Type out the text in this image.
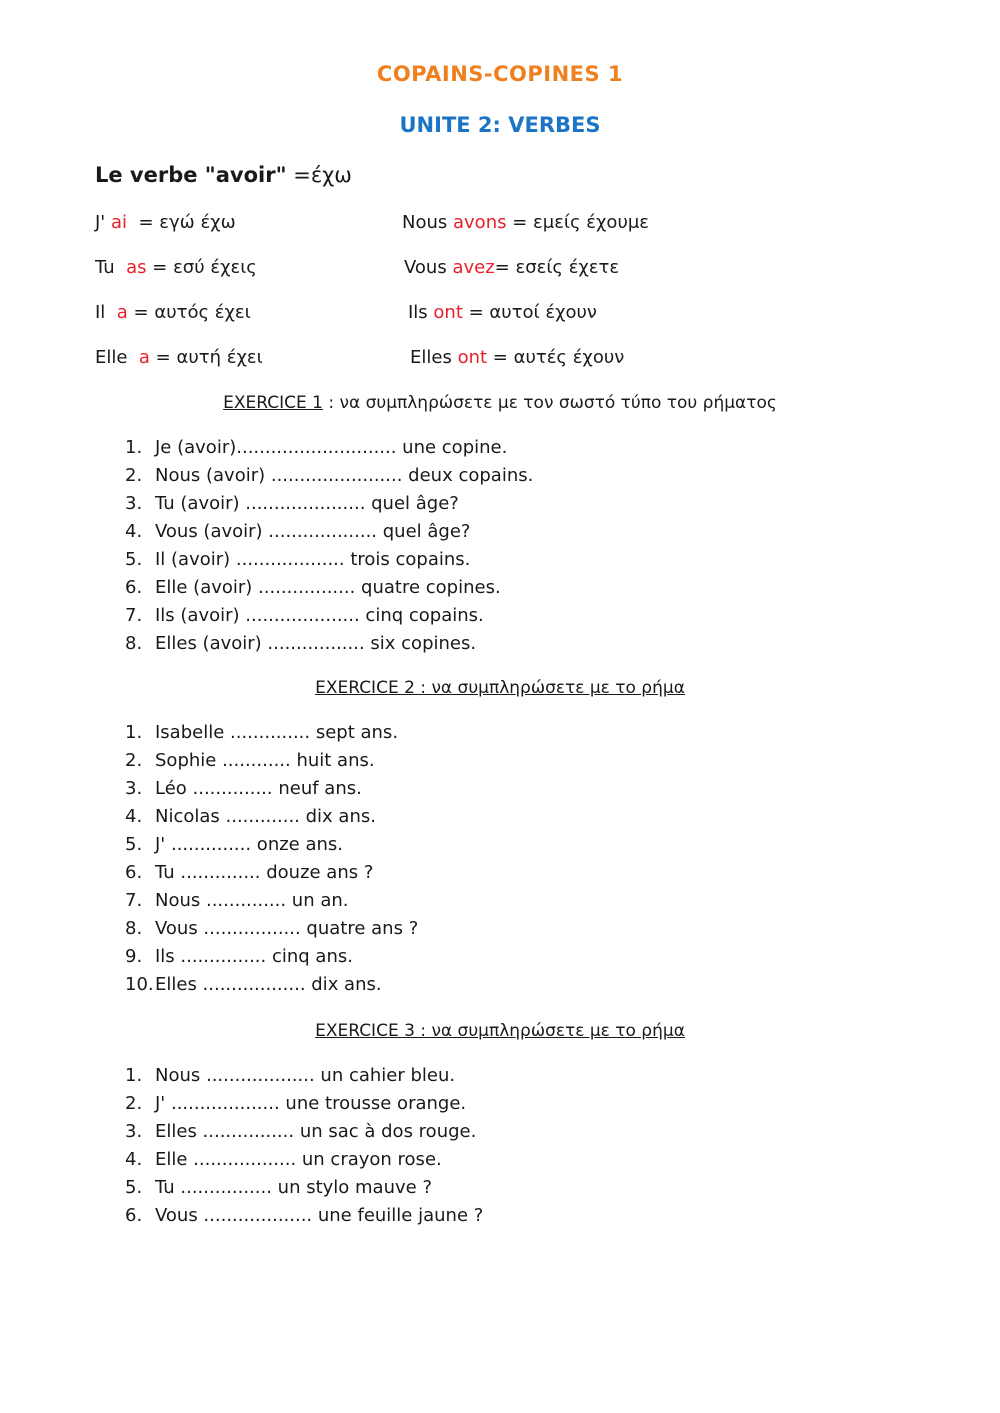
COPAINS-COPINES 1
UNITE 2: VERBES
Le verbe "avoir" =έχω
J' ai  = εγώ έχω	Nous avons = εμείς έχουμε
Tu  as = εσύ έχεις	Vous avez= εσείς έχετε
Il  a = αυτός έχει	Ils ont = αυτοί έχουν
Elle  a = αυτή έχει	Elles ont = αυτές έχουν
EXERCICE 1 : να συμπληρώσετε με τον σωστό τύπο του ρήματος
1. Je (avoir)............................ une copine.
2. Nous (avoir) ....................... deux copains.
3. Tu (avoir) ..................... quel âge?
4. Vous (avoir) ................... quel âge?
5. Il (avoir) ................... trois copains.
6. Elle (avoir) ................. quatre copines.
7. Ils (avoir) .................... cinq copains.
8. Elles (avoir) ................. six copines.
EXERCICE 2 : να συμπληρώσετε με το ρήμα
1. Isabelle .............. sept ans.
2. Sophie ............ huit ans.
3. Léo .............. neuf ans.
4. Nicolas ............. dix ans.
5. J' .............. onze ans.
6. Tu .............. douze ans ?
7. Nous .............. un an.
8. Vous ................. quatre ans ?
9. Ils ............... cinq ans.
10.Elles .................. dix ans.
EXERCICE 3 : να συμπληρώσετε με το ρήμα
1. Nous ................... un cahier bleu.
2. J' ................... une trousse orange.
3. Elles ................ un sac à dos rouge.
4. Elle .................. un crayon rose.
5. Tu ................ un stylo mauve ?
6. Vous ................... une feuille jaune ?
